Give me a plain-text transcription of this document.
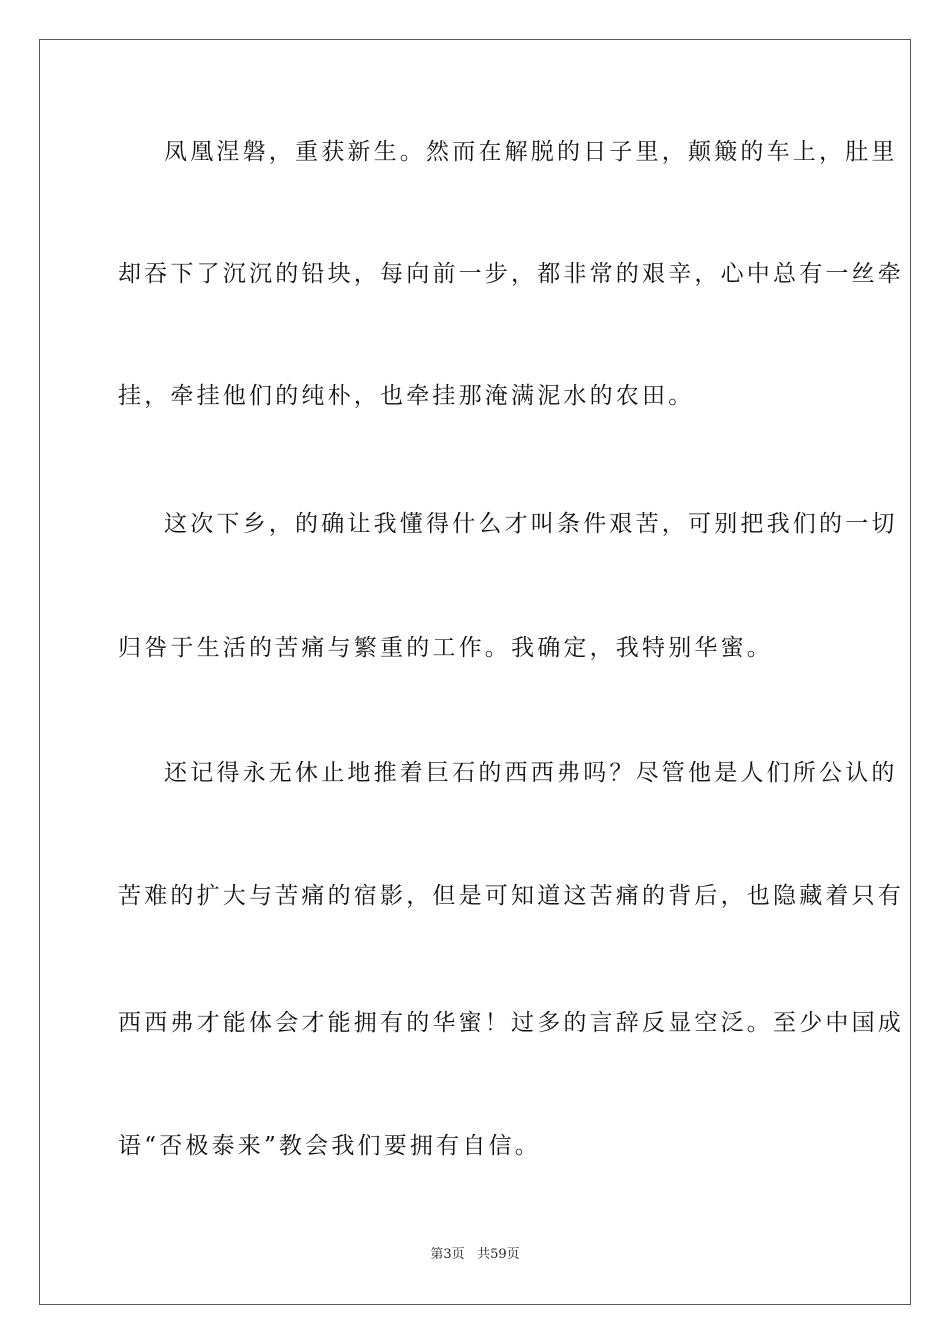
凤凰涅磐，重获新生。然而在解脱的日子里，颠簸的车上，肚里
却吞下了沉沉的铅块，每向前一步，都非常的艰辛，心中总有一丝牵
挂，牵挂他们的纯朴，也牵挂那淹满泥水的农田。
这次下乡，的确让我懂得什么才叫条件艰苦，可别把我们的一切
归咎于生活的苦痛与繁重的工作。我确定，我特别华蜜。
还记得永无休止地推着巨石的西西弗吗？尽管他是人们所公认的
苦难的扩大与苦痛的宿影，但是可知道这苦痛的背后，也隐藏着只有
西西弗才能体会才能拥有的华蜜！过多的言辞反显空泛。至少中国成
语“否极泰来”教会我们要拥有自信。
第3页 共59页
